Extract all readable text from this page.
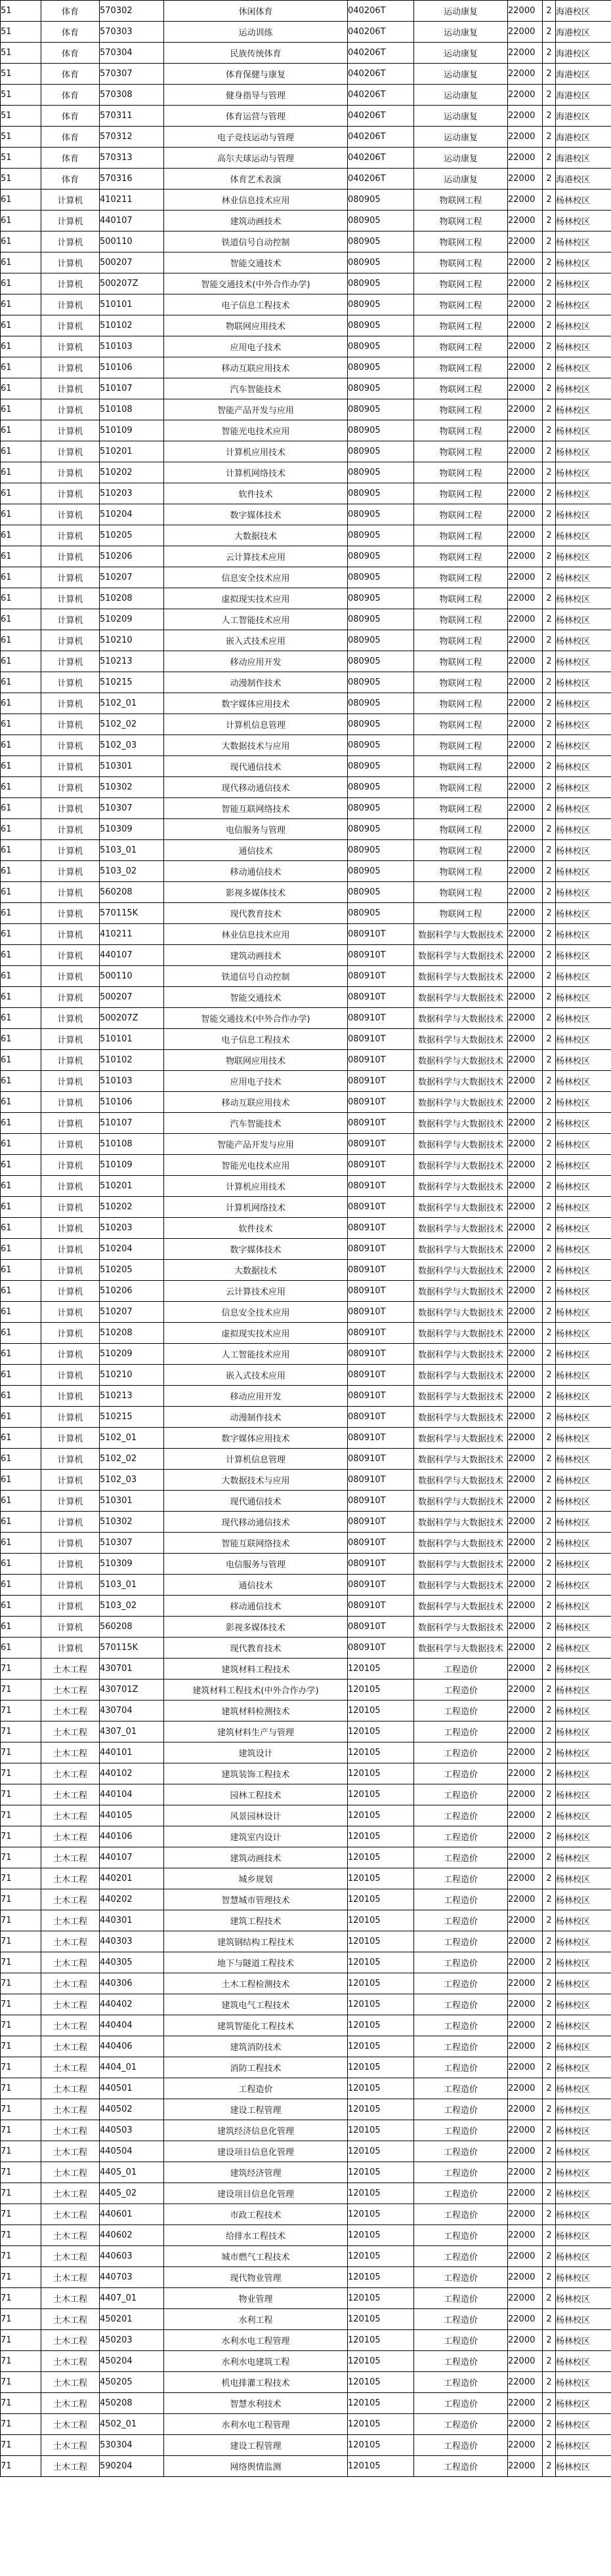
51	体育	570302	休闲体育	040206T	运动康复	22000	2	海港校区
51	体育	570303	运动训练	040206T	运动康复	22000	2	海港校区
51	体育	570304	民族传统体育	040206T	运动康复	22000	2	海港校区
51	体育	570307	体育保健与康复	040206T	运动康复	22000	2	海港校区
51	体育	570308	健身指导与管理	040206T	运动康复	22000	2	海港校区
51	体育	570311	体育运营与管理	040206T	运动康复	22000	2	海港校区
51	体育	570312	电子竞技运动与管理	040206T	运动康复	22000	2	海港校区
51	体育	570313	高尔夫球运动与管理	040206T	运动康复	22000	2	海港校区
51	体育	570316	体育艺术表演	040206T	运动康复	22000	2	海港校区
61	计算机	410211	林业信息技术应用	080905	物联网工程	22000	2	杨林校区
61	计算机	440107	建筑动画技术	080905	物联网工程	22000	2	杨林校区
61	计算机	500110	铁道信号自动控制	080905	物联网工程	22000	2	杨林校区
61	计算机	500207	智能交通技术	080905	物联网工程	22000	2	杨林校区
61	计算机	500207Z	智能交通技术(中外合作办学)	080905	物联网工程	22000	2	杨林校区
61	计算机	510101	电子信息工程技术	080905	物联网工程	22000	2	杨林校区
61	计算机	510102	物联网应用技术	080905	物联网工程	22000	2	杨林校区
61	计算机	510103	应用电子技术	080905	物联网工程	22000	2	杨林校区
61	计算机	510106	移动互联应用技术	080905	物联网工程	22000	2	杨林校区
61	计算机	510107	汽车智能技术	080905	物联网工程	22000	2	杨林校区
61	计算机	510108	智能产品开发与应用	080905	物联网工程	22000	2	杨林校区
61	计算机	510109	智能光电技术应用	080905	物联网工程	22000	2	杨林校区
61	计算机	510201	计算机应用技术	080905	物联网工程	22000	2	杨林校区
61	计算机	510202	计算机网络技术	080905	物联网工程	22000	2	杨林校区
61	计算机	510203	软件技术	080905	物联网工程	22000	2	杨林校区
61	计算机	510204	数字媒体技术	080905	物联网工程	22000	2	杨林校区
61	计算机	510205	大数据技术	080905	物联网工程	22000	2	杨林校区
61	计算机	510206	云计算技术应用	080905	物联网工程	22000	2	杨林校区
61	计算机	510207	信息安全技术应用	080905	物联网工程	22000	2	杨林校区
61	计算机	510208	虚拟现实技术应用	080905	物联网工程	22000	2	杨林校区
61	计算机	510209	人工智能技术应用	080905	物联网工程	22000	2	杨林校区
61	计算机	510210	嵌入式技术应用	080905	物联网工程	22000	2	杨林校区
61	计算机	510213	移动应用开发	080905	物联网工程	22000	2	杨林校区
61	计算机	510215	动漫制作技术	080905	物联网工程	22000	2	杨林校区
61	计算机	5102_01	数字媒体应用技术	080905	物联网工程	22000	2	杨林校区
61	计算机	5102_02	计算机信息管理	080905	物联网工程	22000	2	杨林校区
61	计算机	5102_03	大数据技术与应用	080905	物联网工程	22000	2	杨林校区
61	计算机	510301	现代通信技术	080905	物联网工程	22000	2	杨林校区
61	计算机	510302	现代移动通信技术	080905	物联网工程	22000	2	杨林校区
61	计算机	510307	智能互联网络技术	080905	物联网工程	22000	2	杨林校区
61	计算机	510309	电信服务与管理	080905	物联网工程	22000	2	杨林校区
61	计算机	5103_01	通信技术	080905	物联网工程	22000	2	杨林校区
61	计算机	5103_02	移动通信技术	080905	物联网工程	22000	2	杨林校区
61	计算机	560208	影视多媒体技术	080905	物联网工程	22000	2	杨林校区
61	计算机	570115K	现代教育技术	080905	物联网工程	22000	2	杨林校区
61	计算机	410211	林业信息技术应用	080910T	数据科学与大数据技术	22000	2	杨林校区
61	计算机	440107	建筑动画技术	080910T	数据科学与大数据技术	22000	2	杨林校区
61	计算机	500110	铁道信号自动控制	080910T	数据科学与大数据技术	22000	2	杨林校区
61	计算机	500207	智能交通技术	080910T	数据科学与大数据技术	22000	2	杨林校区
61	计算机	500207Z	智能交通技术(中外合作办学)	080910T	数据科学与大数据技术	22000	2	杨林校区
61	计算机	510101	电子信息工程技术	080910T	数据科学与大数据技术	22000	2	杨林校区
61	计算机	510102	物联网应用技术	080910T	数据科学与大数据技术	22000	2	杨林校区
61	计算机	510103	应用电子技术	080910T	数据科学与大数据技术	22000	2	杨林校区
61	计算机	510106	移动互联应用技术	080910T	数据科学与大数据技术	22000	2	杨林校区
61	计算机	510107	汽车智能技术	080910T	数据科学与大数据技术	22000	2	杨林校区
61	计算机	510108	智能产品开发与应用	080910T	数据科学与大数据技术	22000	2	杨林校区
61	计算机	510109	智能光电技术应用	080910T	数据科学与大数据技术	22000	2	杨林校区
61	计算机	510201	计算机应用技术	080910T	数据科学与大数据技术	22000	2	杨林校区
61	计算机	510202	计算机网络技术	080910T	数据科学与大数据技术	22000	2	杨林校区
61	计算机	510203	软件技术	080910T	数据科学与大数据技术	22000	2	杨林校区
61	计算机	510204	数字媒体技术	080910T	数据科学与大数据技术	22000	2	杨林校区
61	计算机	510205	大数据技术	080910T	数据科学与大数据技术	22000	2	杨林校区
61	计算机	510206	云计算技术应用	080910T	数据科学与大数据技术	22000	2	杨林校区
61	计算机	510207	信息安全技术应用	080910T	数据科学与大数据技术	22000	2	杨林校区
61	计算机	510208	虚拟现实技术应用	080910T	数据科学与大数据技术	22000	2	杨林校区
61	计算机	510209	人工智能技术应用	080910T	数据科学与大数据技术	22000	2	杨林校区
61	计算机	510210	嵌入式技术应用	080910T	数据科学与大数据技术	22000	2	杨林校区
61	计算机	510213	移动应用开发	080910T	数据科学与大数据技术	22000	2	杨林校区
61	计算机	510215	动漫制作技术	080910T	数据科学与大数据技术	22000	2	杨林校区
61	计算机	5102_01	数字媒体应用技术	080910T	数据科学与大数据技术	22000	2	杨林校区
61	计算机	5102_02	计算机信息管理	080910T	数据科学与大数据技术	22000	2	杨林校区
61	计算机	5102_03	大数据技术与应用	080910T	数据科学与大数据技术	22000	2	杨林校区
61	计算机	510301	现代通信技术	080910T	数据科学与大数据技术	22000	2	杨林校区
61	计算机	510302	现代移动通信技术	080910T	数据科学与大数据技术	22000	2	杨林校区
61	计算机	510307	智能互联网络技术	080910T	数据科学与大数据技术	22000	2	杨林校区
61	计算机	510309	电信服务与管理	080910T	数据科学与大数据技术	22000	2	杨林校区
61	计算机	5103_01	通信技术	080910T	数据科学与大数据技术	22000	2	杨林校区
61	计算机	5103_02	移动通信技术	080910T	数据科学与大数据技术	22000	2	杨林校区
61	计算机	560208	影视多媒体技术	080910T	数据科学与大数据技术	22000	2	杨林校区
61	计算机	570115K	现代教育技术	080910T	数据科学与大数据技术	22000	2	杨林校区
71	土木工程	430701	建筑材料工程技术	120105	工程造价	22000	2	杨林校区
71	土木工程	430701Z	建筑材料工程技术(中外合作办学)	120105	工程造价	22000	2	杨林校区
71	土木工程	430704	建筑材料检测技术	120105	工程造价	22000	2	杨林校区
71	土木工程	4307_01	建筑材料生产与管理	120105	工程造价	22000	2	杨林校区
71	土木工程	440101	建筑设计	120105	工程造价	22000	2	杨林校区
71	土木工程	440102	建筑装饰工程技术	120105	工程造价	22000	2	杨林校区
71	土木工程	440104	园林工程技术	120105	工程造价	22000	2	杨林校区
71	土木工程	440105	风景园林设计	120105	工程造价	22000	2	杨林校区
71	土木工程	440106	建筑室内设计	120105	工程造价	22000	2	杨林校区
71	土木工程	440107	建筑动画技术	120105	工程造价	22000	2	杨林校区
71	土木工程	440201	城乡规划	120105	工程造价	22000	2	杨林校区
71	土木工程	440202	智慧城市管理技术	120105	工程造价	22000	2	杨林校区
71	土木工程	440301	建筑工程技术	120105	工程造价	22000	2	杨林校区
71	土木工程	440303	建筑钢结构工程技术	120105	工程造价	22000	2	杨林校区
71	土木工程	440305	地下与隧道工程技术	120105	工程造价	22000	2	杨林校区
71	土木工程	440306	土木工程检测技术	120105	工程造价	22000	2	杨林校区
71	土木工程	440402	建筑电气工程技术	120105	工程造价	22000	2	杨林校区
71	土木工程	440404	建筑智能化工程技术	120105	工程造价	22000	2	杨林校区
71	土木工程	440406	建筑消防技术	120105	工程造价	22000	2	杨林校区
71	土木工程	4404_01	消防工程技术	120105	工程造价	22000	2	杨林校区
71	土木工程	440501	工程造价	120105	工程造价	22000	2	杨林校区
71	土木工程	440502	建设工程管理	120105	工程造价	22000	2	杨林校区
71	土木工程	440503	建筑经济信息化管理	120105	工程造价	22000	2	杨林校区
71	土木工程	440504	建设项目信息化管理	120105	工程造价	22000	2	杨林校区
71	土木工程	4405_01	建筑经济管理	120105	工程造价	22000	2	杨林校区
71	土木工程	4405_02	建设项目信息化管理	120105	工程造价	22000	2	杨林校区
71	土木工程	440601	市政工程技术	120105	工程造价	22000	2	杨林校区
71	土木工程	440602	给排水工程技术	120105	工程造价	22000	2	杨林校区
71	土木工程	440603	城市燃气工程技术	120105	工程造价	22000	2	杨林校区
71	土木工程	440703	现代物业管理	120105	工程造价	22000	2	杨林校区
71	土木工程	4407_01	物业管理	120105	工程造价	22000	2	杨林校区
71	土木工程	450201	水利工程	120105	工程造价	22000	2	杨林校区
71	土木工程	450203	水利水电工程管理	120105	工程造价	22000	2	杨林校区
71	土木工程	450204	水利水电建筑工程	120105	工程造价	22000	2	杨林校区
71	土木工程	450205	机电排灌工程技术	120105	工程造价	22000	2	杨林校区
71	土木工程	450208	智慧水利技术	120105	工程造价	22000	2	杨林校区
71	土木工程	4502_01	水利水电工程管理	120105	工程造价	22000	2	杨林校区
71	土木工程	530304	建设工程管理	120105	工程造价	22000	2	杨林校区
71	土木工程	590204	网络舆情监测	120105	工程造价	22000	2	杨林校区
